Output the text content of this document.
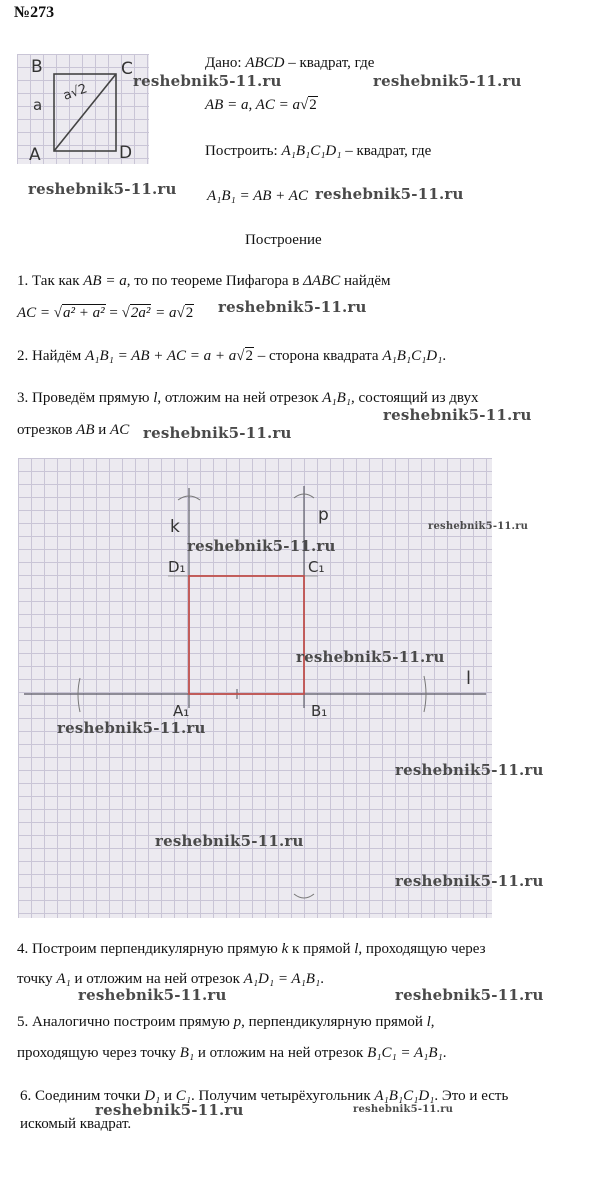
№273
B	C
a
a√2
A	D
Дано: ABCD – квадрат, где
AB = a, AC = a√2
Построить: A₁B₁C₁D₁ – квадрат, где
A₁B₁ = AB + AC
Построение
1. Так как AB = a, то по теореме Пифагора в ΔABC найдём
AC = √a² + a² = √2a² = a√2
2. Найдём A₁B₁ = AB + AC = a + a√2 – сторона квадрата A₁B₁C₁D₁.
3. Проведём прямую l, отложим на ней отрезок A₁B₁, состоящий из двух
отрезков AB и AC
k
p
D₁	C₁
l
A₁	B₁
4. Построим перпендикулярную прямую k к прямой l, проходящую через
точку A₁ и отложим на ней отрезок A₁D₁ = A₁B₁.
5. Аналогично построим прямую p, перпендикулярную прямой l,
проходящую через точку B₁ и отложим на ней отрезок B₁C₁ = A₁B₁.
6. Соединим точки D₁ и C₁. Получим четырёхугольник A₁B₁C₁D₁. Это и есть
искомый квадрат.
reshebnik5-11.ru	reshebnik5-11.ru
reshebnik5-11.ru	reshebnik5-11.ru
reshebnik5-11.ru
reshebnik5-11.ru
reshebnik5-11.ru
reshebnik5-11.ru
reshebnik5-11.ru
reshebnik5-11.ru
reshebnik5-11.ru
reshebnik5-11.ru
reshebnik5-11.ru
reshebnik5-11.ru
reshebnik5-11.ru	reshebnik5-11.ru
reshebnik5-11.ru	reshebnik5-11.ru
